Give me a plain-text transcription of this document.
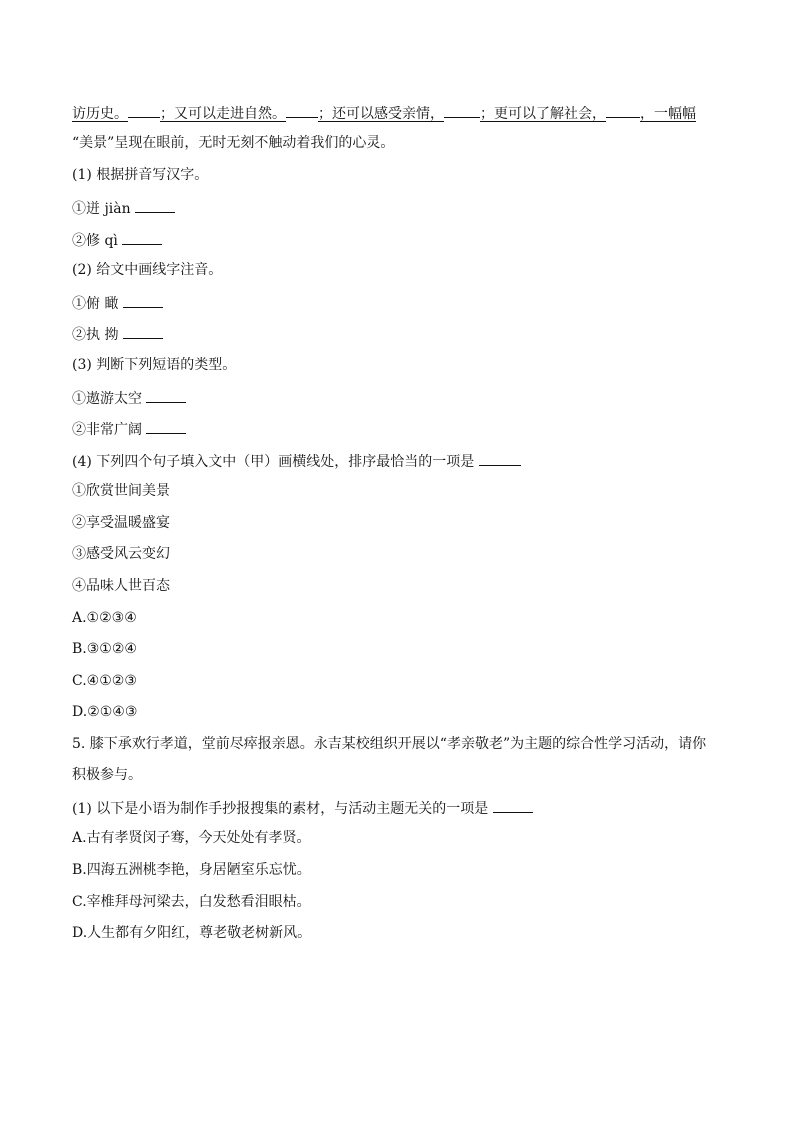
访历史。 ；又可以走进自然。 ；还可以感受亲情，	；更可以了解社会， ，一幅幅
“美景”呈现在眼前，无时无刻不触动着我们的心灵。
(1) 根据拼音写汉字。
①迸 jiàn
②修 qì
(2) 给文中画线字注音。
①俯 瞰
②执 拗
(3) 判断下列短语的类型。
①遨游太空
②非常广阔
(4) 下列四个句子填入文中（甲）画横线处，排序最恰当的一项是
①欣赏世间美景
②享受温暖盛宴
③感受风云变幻
④品味人世百态
A.①②③④
B.③①②④
C.④①②③
D.②①④③
5. 膝下承欢行孝道，堂前尽瘁报亲恩。永吉某校组织开展以“孝亲敬老”为主题的综合性学习活动，请你
积极参与。
(1) 以下是小语为制作手抄报搜集的素材，与活动主题无关的一项是
A.古有孝贤闵子骞，今天处处有孝贤。
B.四海五洲桃李艳，身居陋室乐忘忧。
C.宰椎拜母河梁去，白发愁看泪眼枯。
D.人生都有夕阳红，尊老敬老树新风。
